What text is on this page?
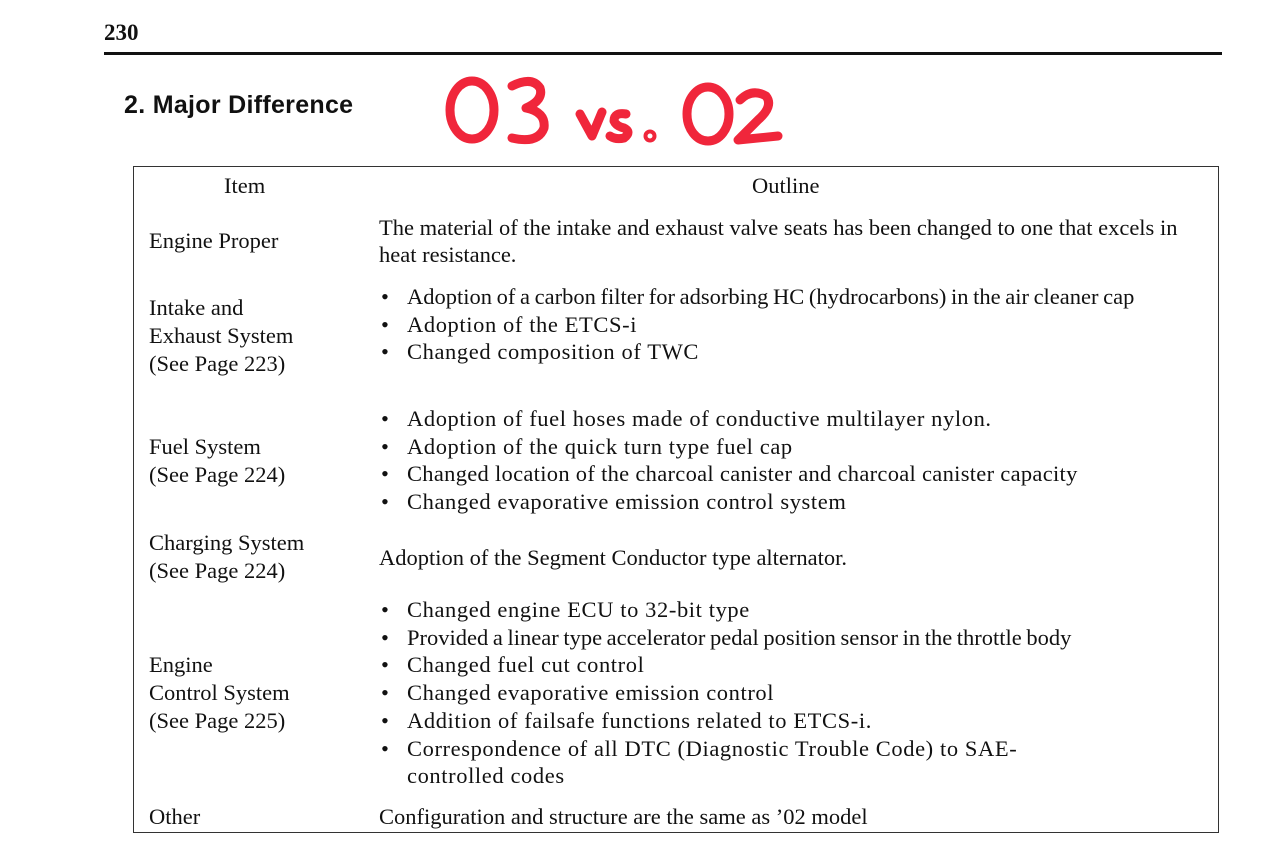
230
2. Major Difference
Item	Outline
Engine Proper
The material of the intake and exhaust valve seats has been changed to one that excels in heat resistance.
Intake and
Exhaust System
(See Page 223)
• Adoption of a carbon filter for adsorbing HC (hydrocarbons) in the air cleaner cap
• Adoption of the ETCS-i
• Changed composition of TWC
Fuel System
(See Page 224)
• Adoption of fuel hoses made of conductive multilayer nylon.
• Adoption of the quick turn type fuel cap
• Changed location of the charcoal canister and charcoal canister capacity
• Changed evaporative emission control system
Charging System
(See Page 224)
Adoption of the Segment Conductor type alternator.
Engine
Control System
(See Page 225)
• Changed engine ECU to 32-bit type
• Provided a linear type accelerator pedal position sensor in the throttle body
• Changed fuel cut control
• Changed evaporative emission control
• Addition of failsafe functions related to ETCS-i.
• Correspondence of all DTC (Diagnostic Trouble Code) to SAE-controlled codes
Other	Configuration and structure are the same as ’02 model
